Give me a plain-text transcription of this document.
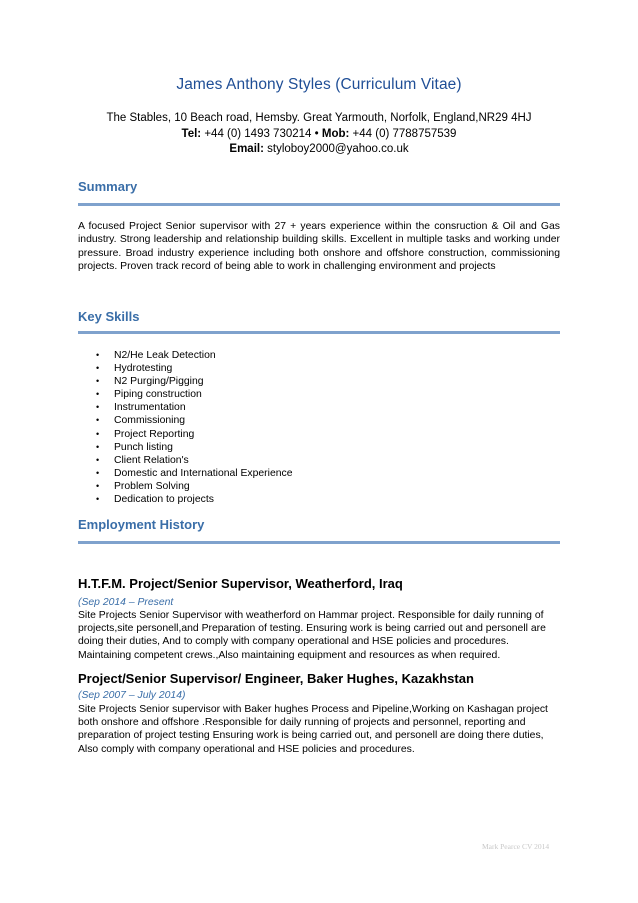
James Anthony Styles (Curriculum Vitae)
The Stables, 10 Beach road, Hemsby. Great Yarmouth, Norfolk, England,NR29 4HJ
Tel: +44 (0) 1493 730214 • Mob: +44 (0) 7788757539
Email: styloboy2000@yahoo.co.uk
Summary
A focused Project Senior supervisor with 27 + years experience within the consruction & Oil and Gas industry. Strong leadership and relationship building skills. Excellent in multiple tasks and working under pressure. Broad industry experience including both onshore and offshore construction, commissioning projects. Proven track record of being able to work in challenging environment and projects
Key Skills
• N2/He Leak Detection
• Hydrotesting
• N2 Purging/Pigging
• Piping construction
• Instrumentation
• Commissioning
• Project Reporting
• Punch listing
• Client Relation's
• Domestic and International Experience
• Problem Solving
• Dedication to projects
Employment History
H.T.F.M. Project/Senior Supervisor, Weatherford, Iraq
(Sep 2014 – Present
Site Projects Senior Supervisor with weatherford on Hammar project. Responsible for daily running of projects,site personell,and Preparation of testing. Ensuring work is being carried out and personell are doing their duties, And to comply with company operational and HSE policies and procedures. Maintaining competent crews.,Also maintaining equipment and resources as when required.
Project/Senior Supervisor/ Engineer, Baker Hughes, Kazakhstan
(Sep 2007 – July 2014)
Site Projects Senior supervisor with Baker hughes Process and Pipeline,Working on Kashagan project both onshore and offshore .Responsible for daily running of projects and personnel, reporting and preparation of project testing Ensuring work is being carried out, and personell are doing there duties, Also comply with company operational and HSE policies and procedures.
Mark Pearce CV 2014
